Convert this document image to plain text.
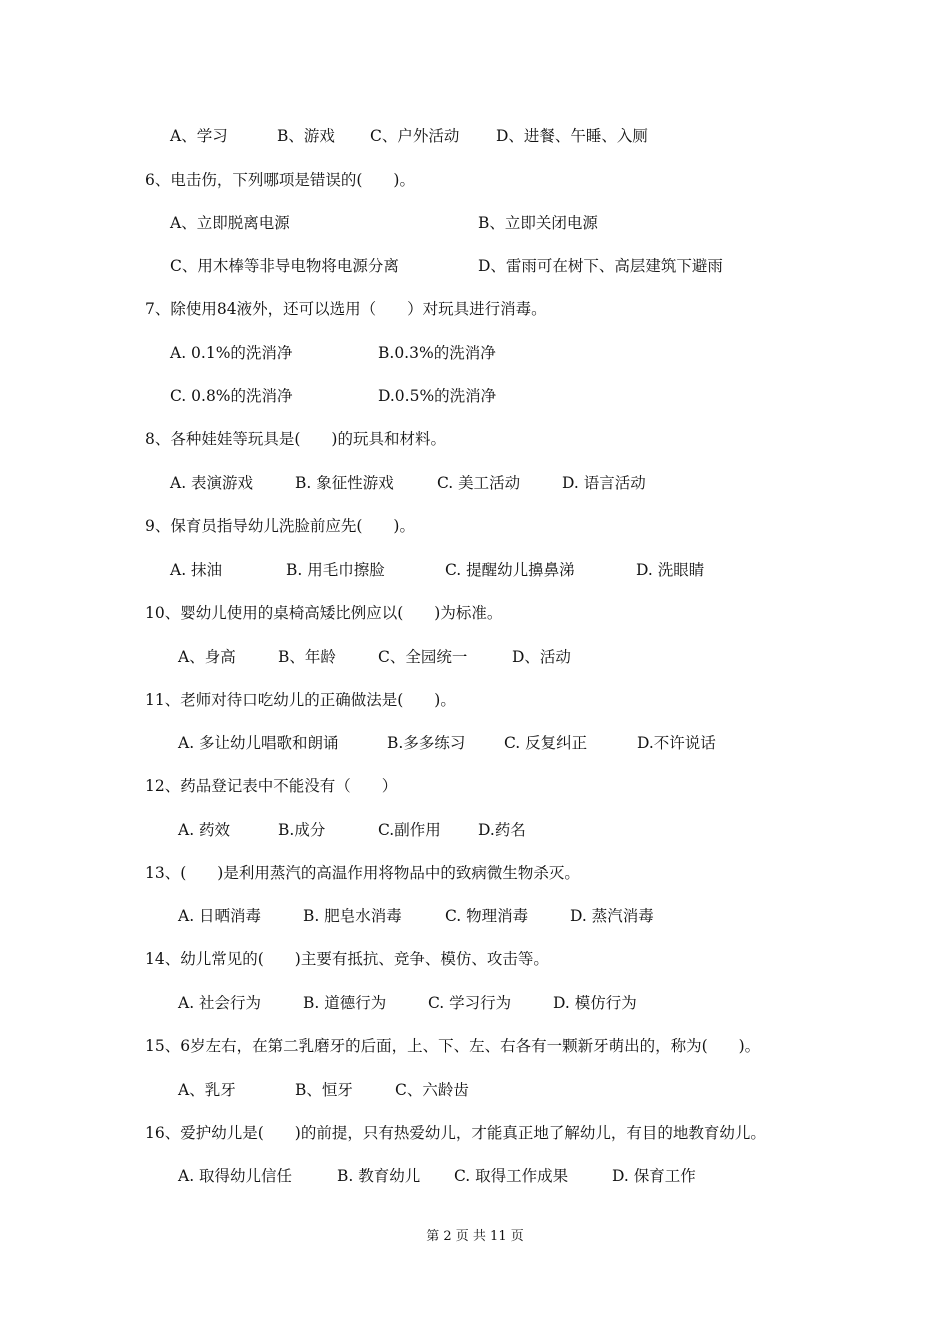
A、学习	B、游戏 C、户外活动 D、进餐、午睡、入厕
6、电击伤，下列哪项是错误的(　　)。
A、立即脱离电源	B、立即关闭电源
C、用木棒等非导电物将电源分离	D、雷雨可在树下、高层建筑下避雨
7、除使用84液外，还可以选用（　　）对玩具进行消毒。
A. 0.1%的洗消净	B.0.3%的洗消净
C. 0.8%的洗消净	D.0.5%的洗消净
8、各种娃娃等玩具是(　　)的玩具和材料。
A. 表演游戏	B. 象征性游戏	C. 美工活动	D. 语言活动
9、保育员指导幼儿洗脸前应先(　　)。
A. 抹油	B. 用毛巾擦脸	C. 提醒幼儿擤鼻涕	D. 洗眼睛
10、婴幼儿使用的桌椅高矮比例应以(　　)为标准。
A、身高	B、年龄	C、全园统一	D、活动
11、老师对待口吃幼儿的正确做法是(　　)。
A. 多让幼儿唱歌和朗诵	B.多多练习 C. 反复纠正	D.不许说话
12、药品登记表中不能没有（　　）
A. 药效	B.成分	C.副作用 D.药名
13、(　　)是利用蒸汽的高温作用将物品中的致病微生物杀灭。
A. 日晒消毒	B. 肥皂水消毒	C. 物理消毒	D. 蒸汽消毒
14、幼儿常见的(　　)主要有抵抗、竞争、模仿、攻击等。
A. 社会行为	B. 道德行为	C. 学习行为	D. 模仿行为
15、6岁左右，在第二乳磨牙的后面，上、下、左、右各有一颗新牙萌出的，称为(　　)。
A、乳牙	B、恒牙	C、六龄齿
16、爱护幼儿是(　　)的前提，只有热爱幼儿，才能真正地了解幼儿，有目的地教育幼儿。
A. 取得幼儿信任	B. 教育幼儿 C. 取得工作成果	D. 保育工作
第 2 页 共 11 页
